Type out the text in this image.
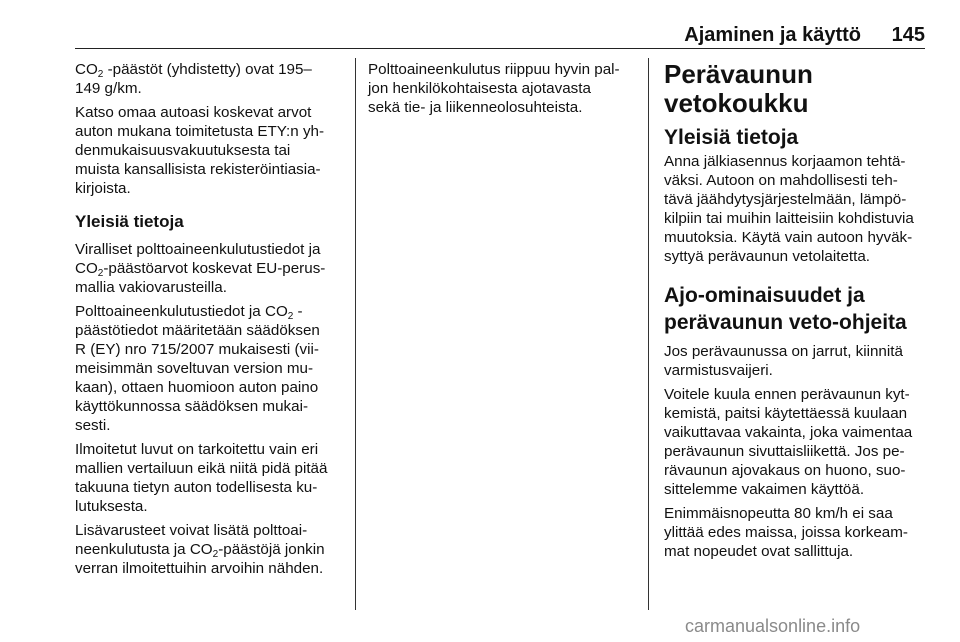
Ajaminen ja käyttö 145

$CO_2$ -päästöt (yhdistetty) ovat 195–
149 g/km.

Katso omaa autoasi koskevat arvot
auton mukana toimitetusta ETY:n yh-
denmukaisuusvakuutuksesta tai
muista kansallisista rekisteröintiasia-
kirjoista.

Yleisiä tietoja

Viralliset polttoaineenkulutustiedot ja
$CO_2$-päästöarvot koskevat EU-perus-
mallia vakiovarusteilla.

Polttoaineenkulutustiedot ja $CO_2$ -
päästötiedot määritetään säädöksen
R (EY) nro 715/2007 mukaisesti (vii-
meisimmän soveltuvan version mu-
kaan), ottaen huomioon auton paino
käyttökunnossa säädöksen mukai-
sesti.

Ilmoitetut luvut on tarkoitettu vain eri
mallien vertailuun eikä niitä pidä pitää
takuuna tietyn auton todellisesta ku-
lutuksesta.

Lisävarusteet voivat lisätä polttoai-
neenkulutusta ja $CO_2$-päästöjä jonkin
verran ilmoitettuihin arvoihin nähden.

Polttoaineenkulutus riippuu hyvin pal-
jon henkilökohtaisesta ajotavasta
sekä tie- ja liikenneolosuhteista.

Perävaunun
vetokoukku
Yleisiä tietoja

Anna jälkiasennus korjaamon tehtä-
väksi. Autoon on mahdollisesti teh-
tävä jäähdytysjärjestelmään, lämpö-
kilpiin tai muihin laitteisiin kohdistuvia
muutoksia. Käytä vain autoon hyväk-
syttyä perävaunun vetolaitetta.

Ajo-ominaisuudet ja
perävaunun veto-ohjeita

Jos perävaunussa on jarrut, kiinnitä
varmistusvaijeri.

Voitele kuula ennen perävaunun kyt-
kemistä, paitsi käytettäessä kuulaan
vaikuttavaa vakainta, joka vaimentaa
perävaunun sivuttaisliikettä. Jos pe-
rävaunun ajovakaus on huono, suo-
sittelemme vakaimen käyttöä.

Enimmäisnopeutta 80 km/h ei saa
ylittää edes maissa, joissa korkeam-
mat nopeudet ovat sallittuja.

carmanualsonline.info
